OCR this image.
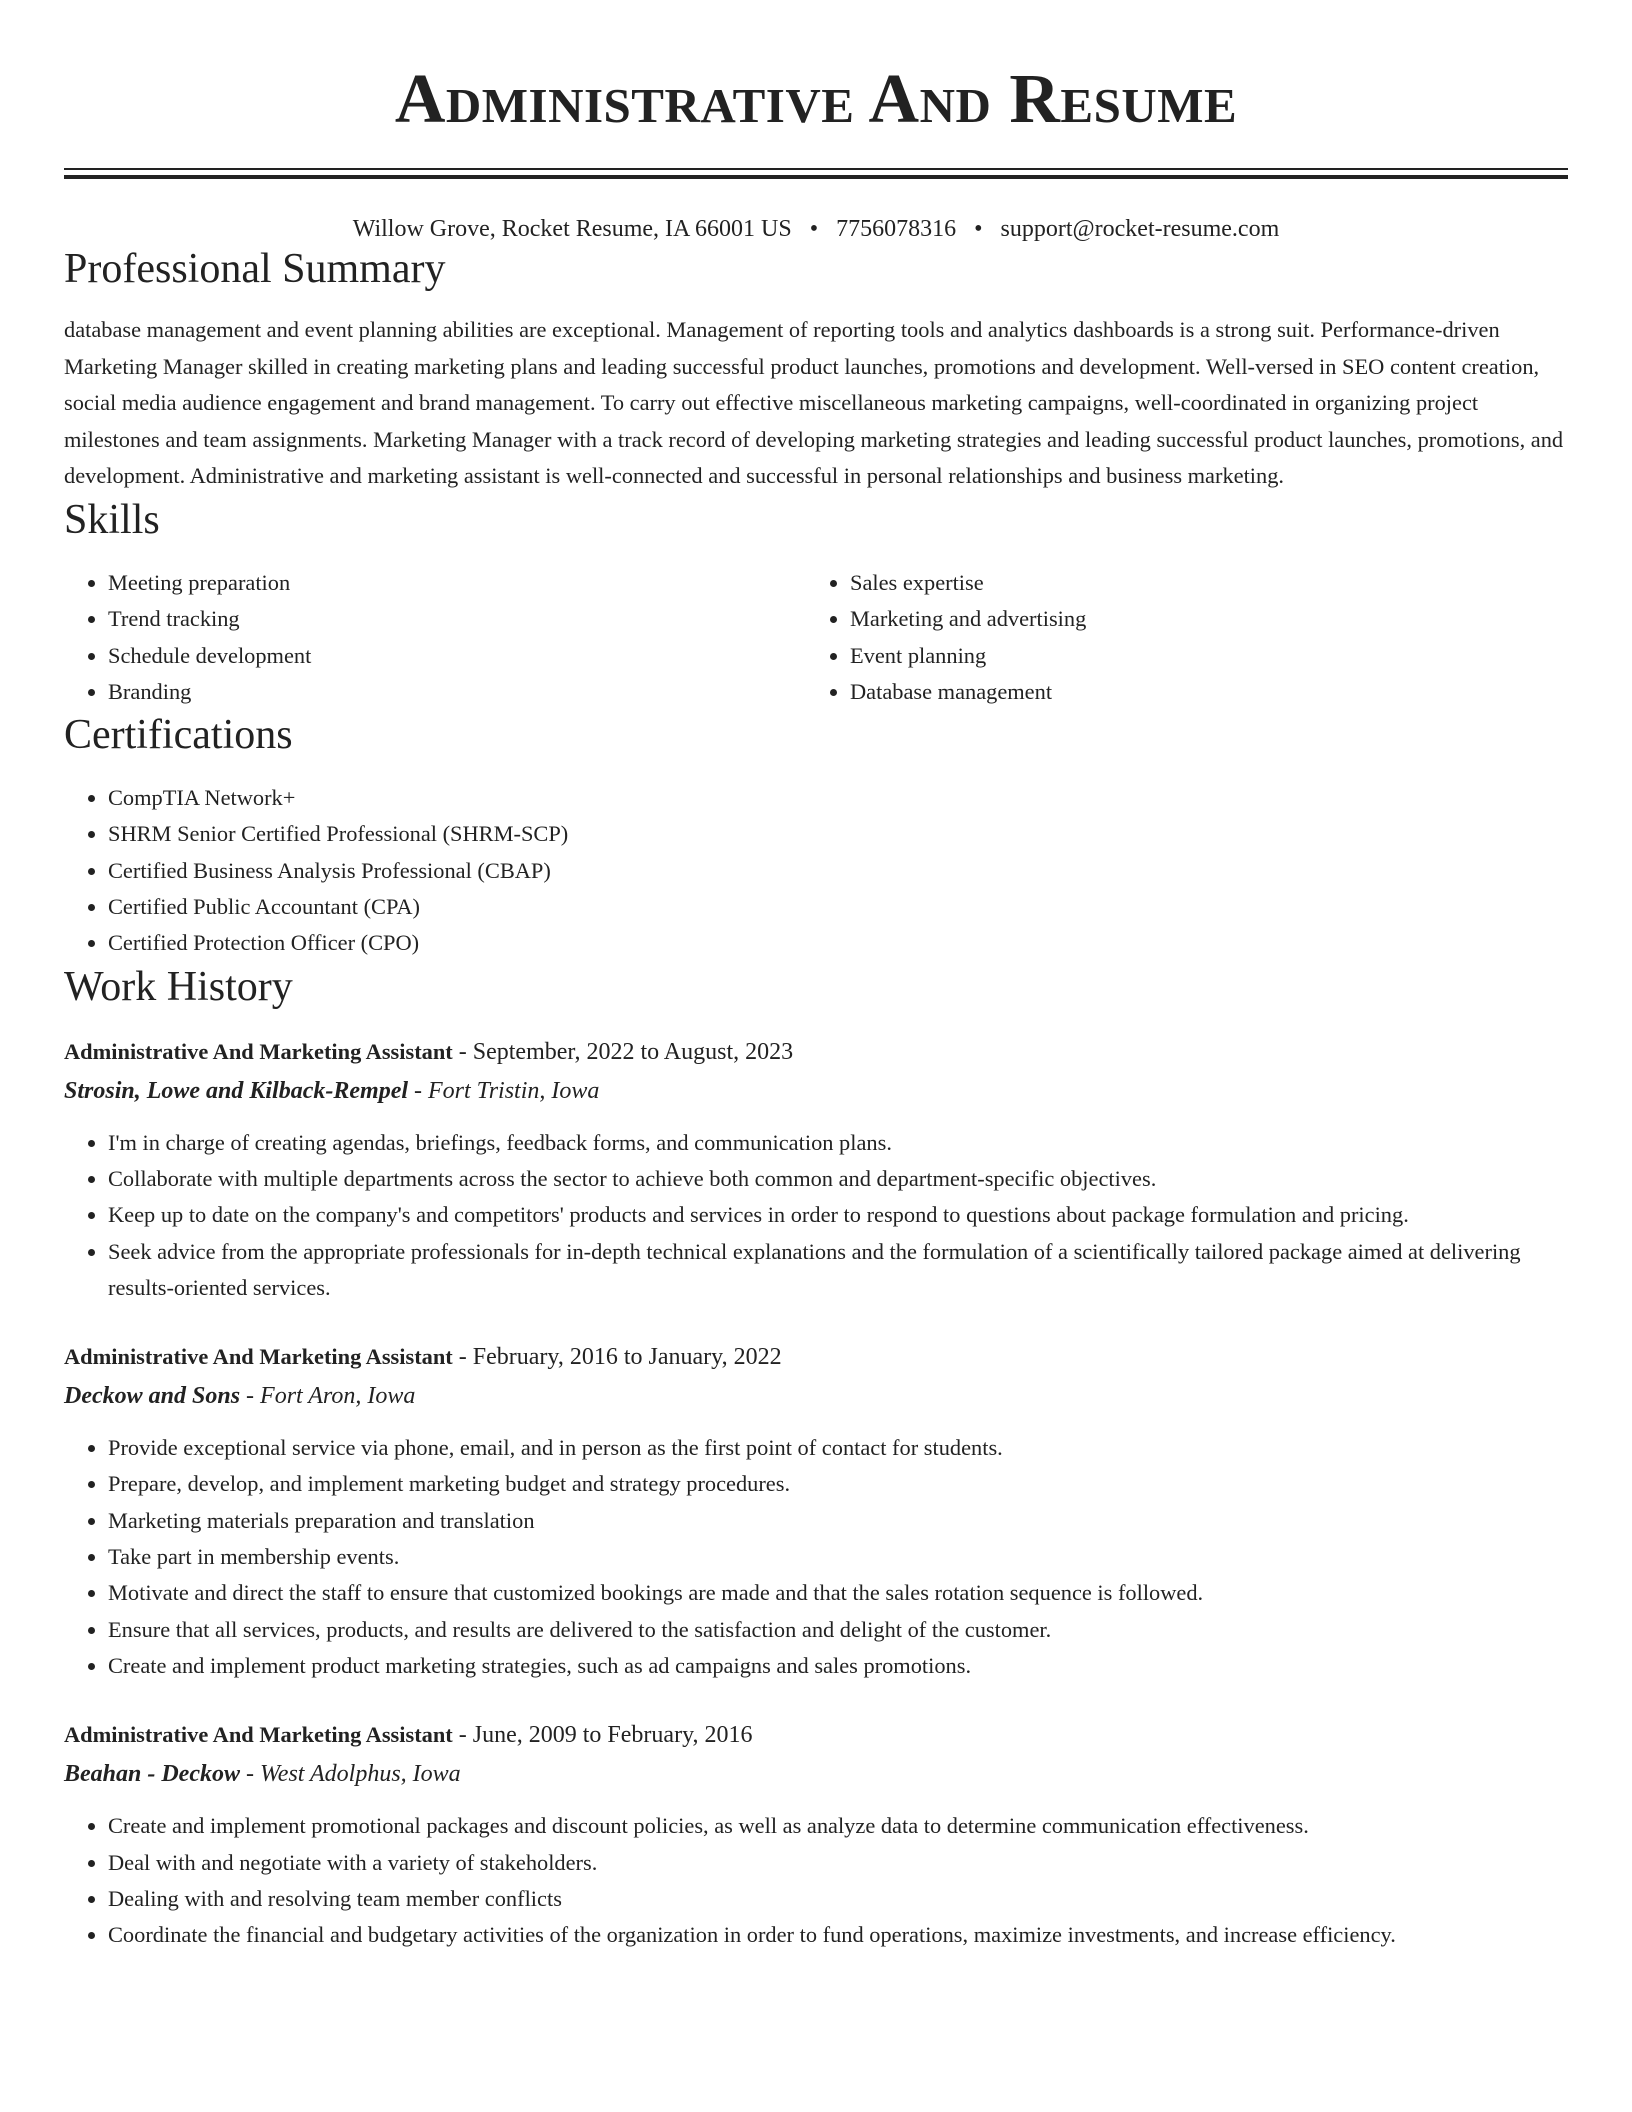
Administrative And Resume
Willow Grove, Rocket Resume, IA 66001 US • 7756078316 • support@rocket-resume.com
Professional Summary

database management and event planning abilities are exceptional. Management of reporting tools and analytics dashboards is a strong suit. Performance-driven Marketing Manager skilled in creating marketing plans and leading successful product launches, promotions and development. Well-versed in SEO content creation, social media audience engagement and brand management. To carry out effective miscellaneous marketing campaigns, well-coordinated in organizing project milestones and team assignments. Marketing Manager with a track record of developing marketing strategies and leading successful product launches, promotions, and development. Administrative and marketing assistant is well-connected and successful in personal relationships and business marketing.

Skills
• Meeting preparation
• Trend tracking
• Schedule development
• Branding
• Sales expertise
• Marketing and advertising
• Event planning
• Database management
Certifications
• CompTIA Network+
• SHRM Senior Certified Professional (SHRM-SCP)
• Certified Business Analysis Professional (CBAP)
• Certified Public Accountant (CPA)
• Certified Protection Officer (CPO)
Work History
Administrative And Marketing Assistant - September, 2022 to August, 2023
Strosin, Lowe and Kilback-Rempel - Fort Tristin, Iowa
• I'm in charge of creating agendas, briefings, feedback forms, and communication plans.
• Collaborate with multiple departments across the sector to achieve both common and department-specific objectives.
• Keep up to date on the company's and competitors' products and services in order to respond to questions about package formulation and pricing.
• Seek advice from the appropriate professionals for in-depth technical explanations and the formulation of a scientifically tailored package aimed at delivering results-oriented services.
Administrative And Marketing Assistant - February, 2016 to January, 2022
Deckow and Sons - Fort Aron, Iowa
• Provide exceptional service via phone, email, and in person as the first point of contact for students.
• Prepare, develop, and implement marketing budget and strategy procedures.
• Marketing materials preparation and translation
• Take part in membership events.
• Motivate and direct the staff to ensure that customized bookings are made and that the sales rotation sequence is followed.
• Ensure that all services, products, and results are delivered to the satisfaction and delight of the customer.
• Create and implement product marketing strategies, such as ad campaigns and sales promotions.
Administrative And Marketing Assistant - June, 2009 to February, 2016
Beahan - Deckow - West Adolphus, Iowa
• Create and implement promotional packages and discount policies, as well as analyze data to determine communication effectiveness.
• Deal with and negotiate with a variety of stakeholders.
• Dealing with and resolving team member conflicts
• Coordinate the financial and budgetary activities of the organization in order to fund operations, maximize investments, and increase efficiency.
